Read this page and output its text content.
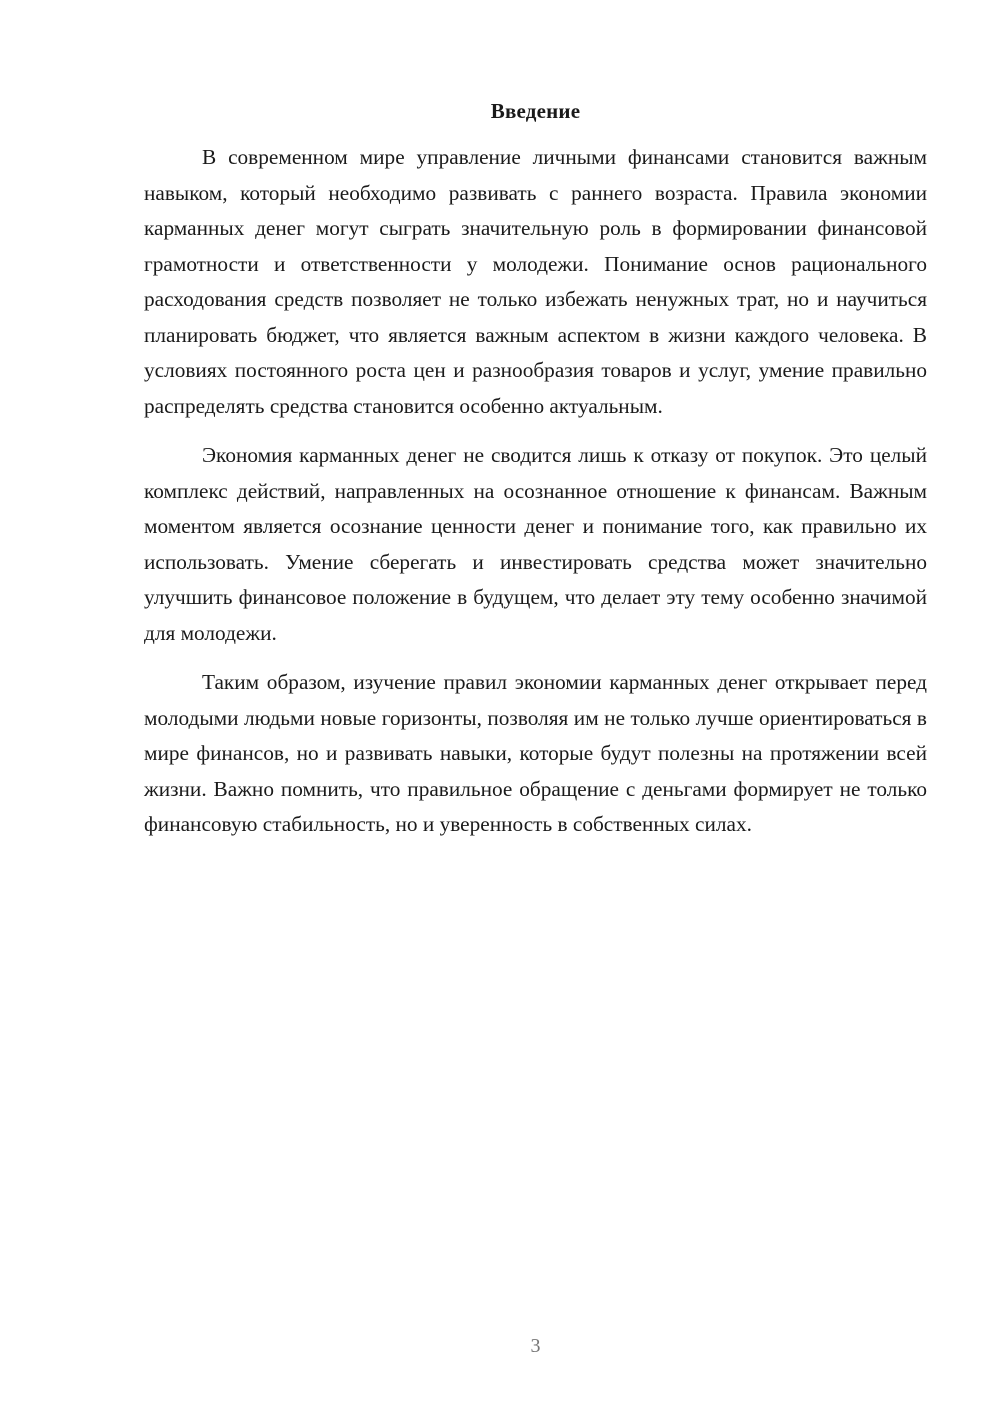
Введение

В современном мире управление личными финансами становится важным навыком, который необходимо развивать с раннего возраста. Правила экономии карманных денег могут сыграть значительную роль в формировании финансовой грамотности и ответственности у молодежи. Понимание основ рационального расходования средств позволяет не только избежать ненужных трат, но и научиться планировать бюджет, что является важным аспектом в жизни каждого человека. В условиях постоянного роста цен и разнообразия товаров и услуг, умение правильно распределять средства становится особенно актуальным.

Экономия карманных денег не сводится лишь к отказу от покупок. Это целый комплекс действий, направленных на осознанное отношение к финансам. Важным моментом является осознание ценности денег и понимание того, как правильно их использовать. Умение сберегать и инвестировать средства может значительно улучшить финансовое положение в будущем, что делает эту тему особенно значимой для молодежи.

Таким образом, изучение правил экономии карманных денег открывает перед молодыми людьми новые горизонты, позволяя им не только лучше ориентироваться в мире финансов, но и развивать навыки, которые будут полезны на протяжении всей жизни. Важно помнить, что правильное обращение с деньгами формирует не только финансовую стабильность, но и уверенность в собственных силах.

3
